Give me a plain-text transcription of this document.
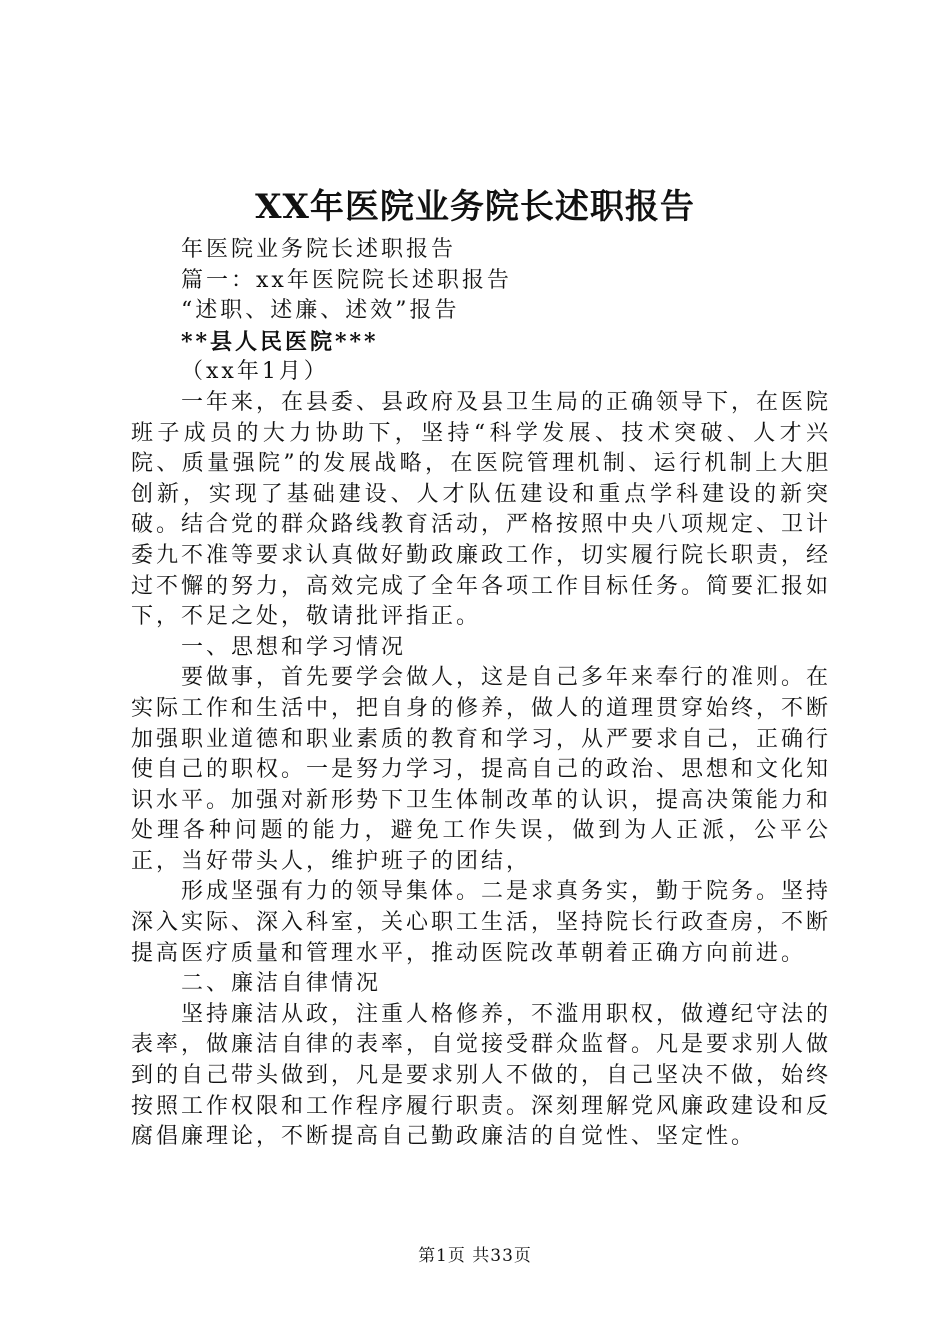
XX年医院业务院长述职报告

年医院业务院长述职报告

篇一：xx年医院院长述职报告

“述职、述廉、述效”报告

**县人民医院***

（xx年1月）

一年来，在县委、县政府及县卫生局的正确领导下，在医院班子成员的大力协助下，坚持“科学发展、技术突破、人才兴院、质量强院”的发展战略，在医院管理机制、运行机制上大胆创新，实现了基础建设、人才队伍建设和重点学科建设的新突破。结合党的群众路线教育活动，严格按照中央八项规定、卫计委九不准等要求认真做好勤政廉政工作，切实履行院长职责，经过不懈的努力，高效完成了全年各项工作目标任务。简要汇报如下，不足之处，敬请批评指正。

一、思想和学习情况

要做事，首先要学会做人，这是自己多年来奉行的准则。在实际工作和生活中，把自身的修养，做人的道理贯穿始终，不断加强职业道德和职业素质的教育和学习，从严要求自己，正确行使自己的职权。一是努力学习，提高自己的政治、思想和文化知识水平。加强对新形势下卫生体制改革的认识，提高决策能力和处理各种问题的能力，避免工作失误，做到为人正派，公平公正，当好带头人，维护班子的团结，

形成坚强有力的领导集体。二是求真务实，勤于院务。坚持深入实际、深入科室，关心职工生活，坚持院长行政查房，不断提高医疗质量和管理水平，推动医院改革朝着正确方向前进。

二、廉洁自律情况

坚持廉洁从政，注重人格修养，不滥用职权，做遵纪守法的表率，做廉洁自律的表率，自觉接受群众监督。凡是要求别人做到的自己带头做到，凡是要求别人不做的，自己坚决不做，始终按照工作权限和工作程序履行职责。深刻理解党风廉政建设和反腐倡廉理论，不断提高自己勤政廉洁的自觉性、坚定性。

第1页 共33页
